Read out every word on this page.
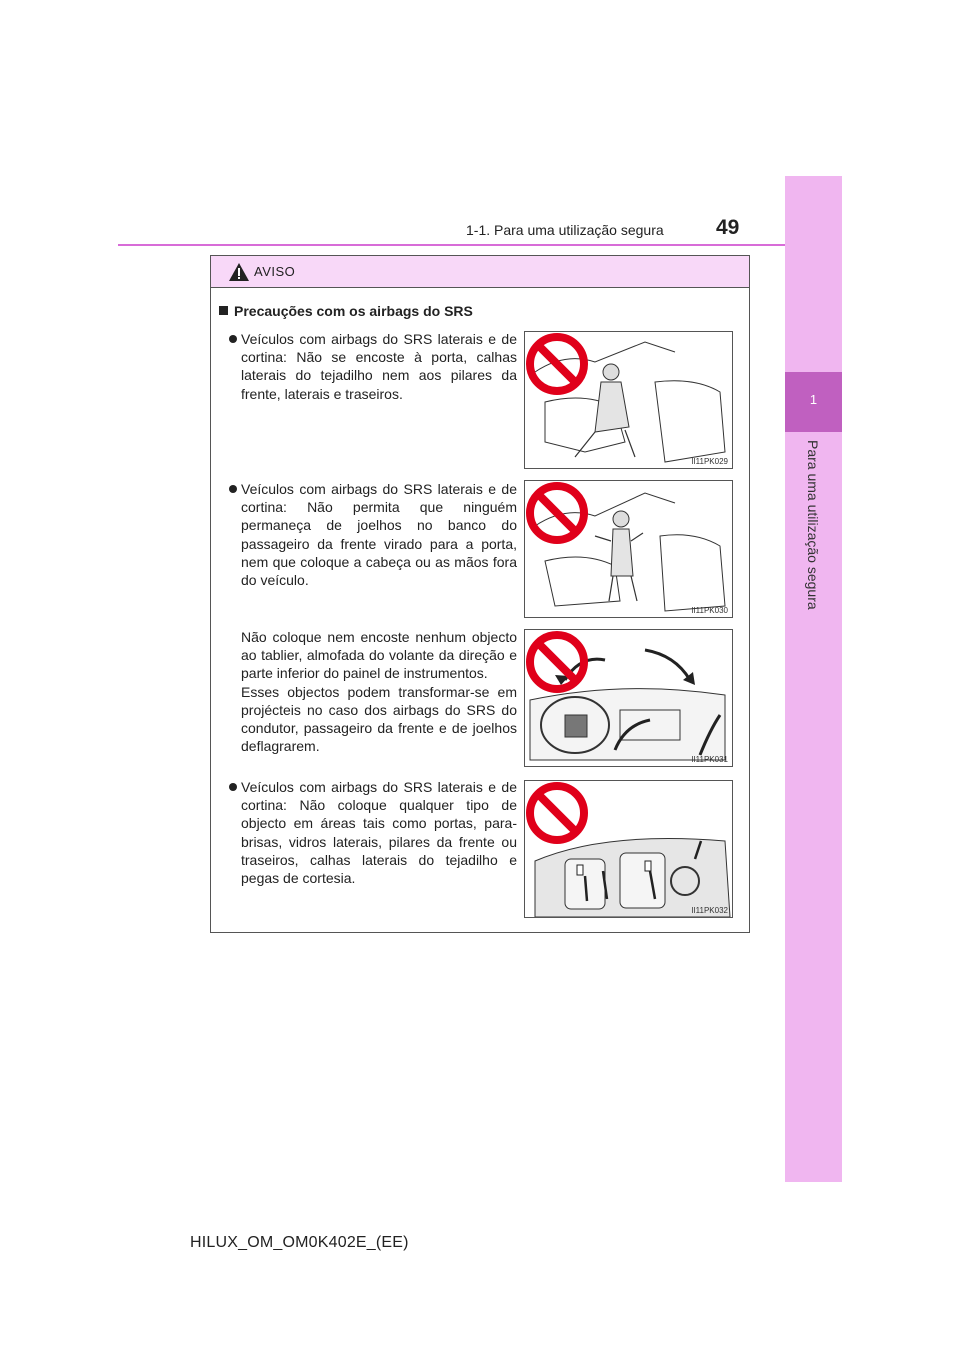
1
Para uma utilização segura
1-1. Para uma utilização segura 49
AVISO
Precauções com os airbags do SRS
Veículos com airbags do SRS laterais e de cortina: Não se encoste à porta, calhas laterais do tejadilho nem aos pilares da frente, laterais e traseiros.
II11PK029
Veículos com airbags do SRS laterais e de cortina: Não permita que ninguém permaneça de joelhos no banco do passageiro da frente virado para a porta, nem que coloque a cabeça ou as mãos fora do veículo.
II11PK030
Não coloque nem encoste nenhum objecto ao tablier, almofada do volante da direção e parte inferior do painel de instrumentos.
Esses objectos podem transformar-se em projécteis no caso dos airbags do SRS do condutor, passageiro da frente e de joelhos deflagrarem.
II11PK031
Veículos com airbags do SRS laterais e de cortina: Não coloque qualquer tipo de objecto em áreas tais como portas, para-brisas, vidros laterais, pilares da frente ou traseiros, calhas laterais do tejadilho e pegas de cortesia.
II11PK032
HILUX_OM_OM0K402E_(EE)
